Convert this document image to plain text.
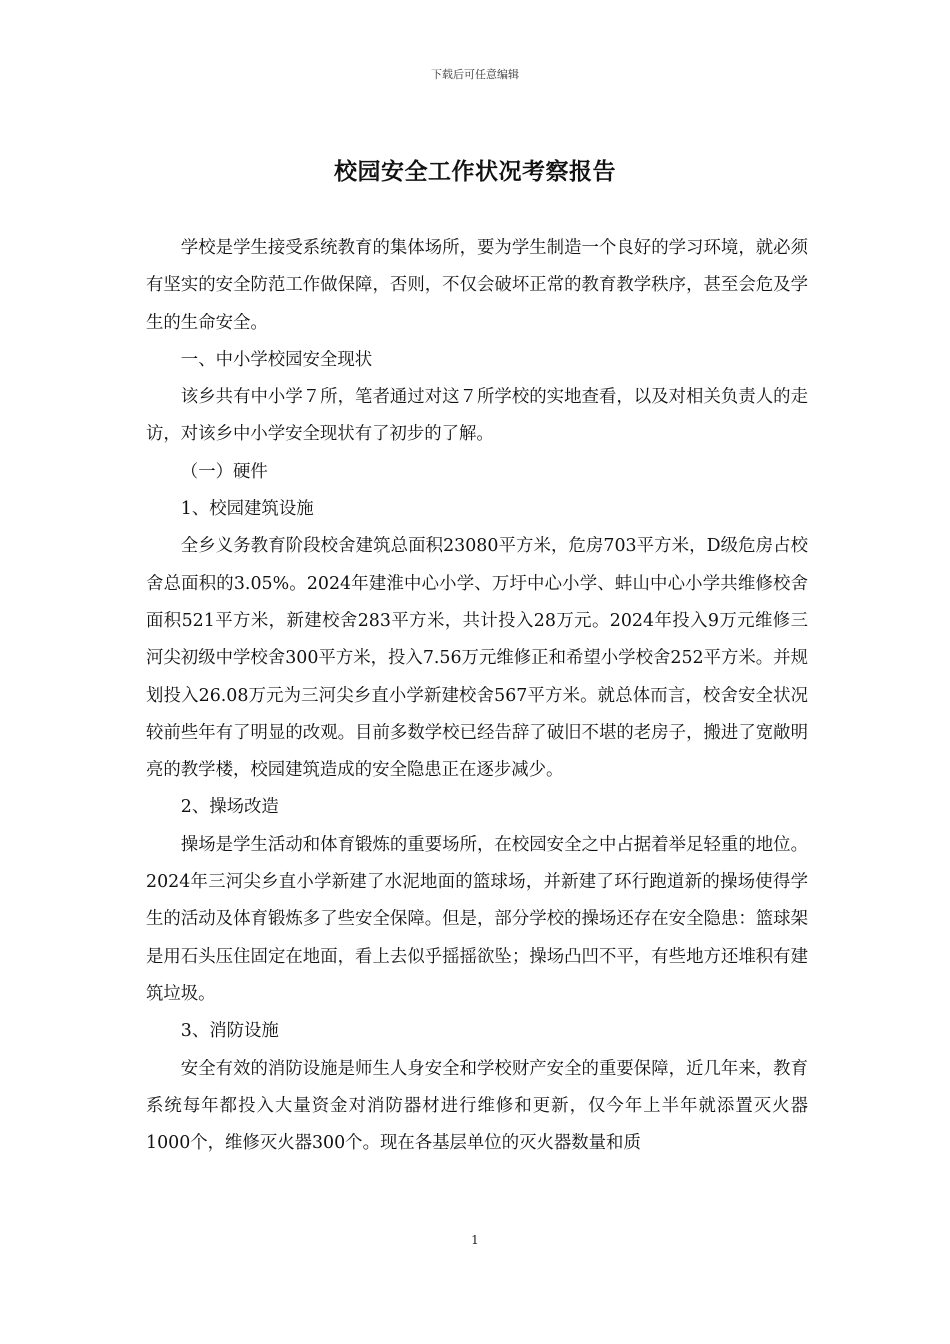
下载后可任意编辑
校园安全工作状况考察报告

学校是学生接受系统教育的集体场所，要为学生制造一个良好的学习环境，就必须有坚实的安全防范工作做保障，否则，不仅会破坏正常的教育教学秩序，甚至会危及学生的生命安全。

一、中小学校园安全现状

该乡共有中小学７所，笔者通过对这７所学校的实地查看，以及对相关负责人的走访，对该乡中小学安全现状有了初步的了解。

（一）硬件

1、校园建筑设施

全乡义务教育阶段校舍建筑总面积23080平方米，危房703平方米，D级危房占校舍总面积的3.05%。2024年建淮中心小学、万圩中心小学、蚌山中心小学共维修校舍面积521平方米，新建校舍283平方米，共计投入28万元。2024年投入9万元维修三河尖初级中学校舍300平方米，投入7.56万元维修正和希望小学校舍252平方米。并规划投入26.08万元为三河尖乡直小学新建校舍567平方米。就总体而言，校舍安全状况较前些年有了明显的改观。目前多数学校已经告辞了破旧不堪的老房子，搬进了宽敞明亮的教学楼，校园建筑造成的安全隐患正在逐步减少。

2、操场改造

操场是学生活动和体育锻炼的重要场所，在校园安全之中占据着举足轻重的地位。2024年三河尖乡直小学新建了水泥地面的篮球场，并新建了环行跑道新的操场使得学生的活动及体育锻炼多了些安全保障。但是，部分学校的操场还存在安全隐患：篮球架是用石头压住固定在地面，看上去似乎摇摇欲坠；操场凸凹不平，有些地方还堆积有建筑垃圾。

3、消防设施

安全有效的消防设施是师生人身安全和学校财产安全的重要保障，近几年来，教育系统每年都投入大量资金对消防器材进行维修和更新，仅今年上半年就添置灭火器1000个，维修灭火器300个。现在各基层单位的灭火器数量和质

1
